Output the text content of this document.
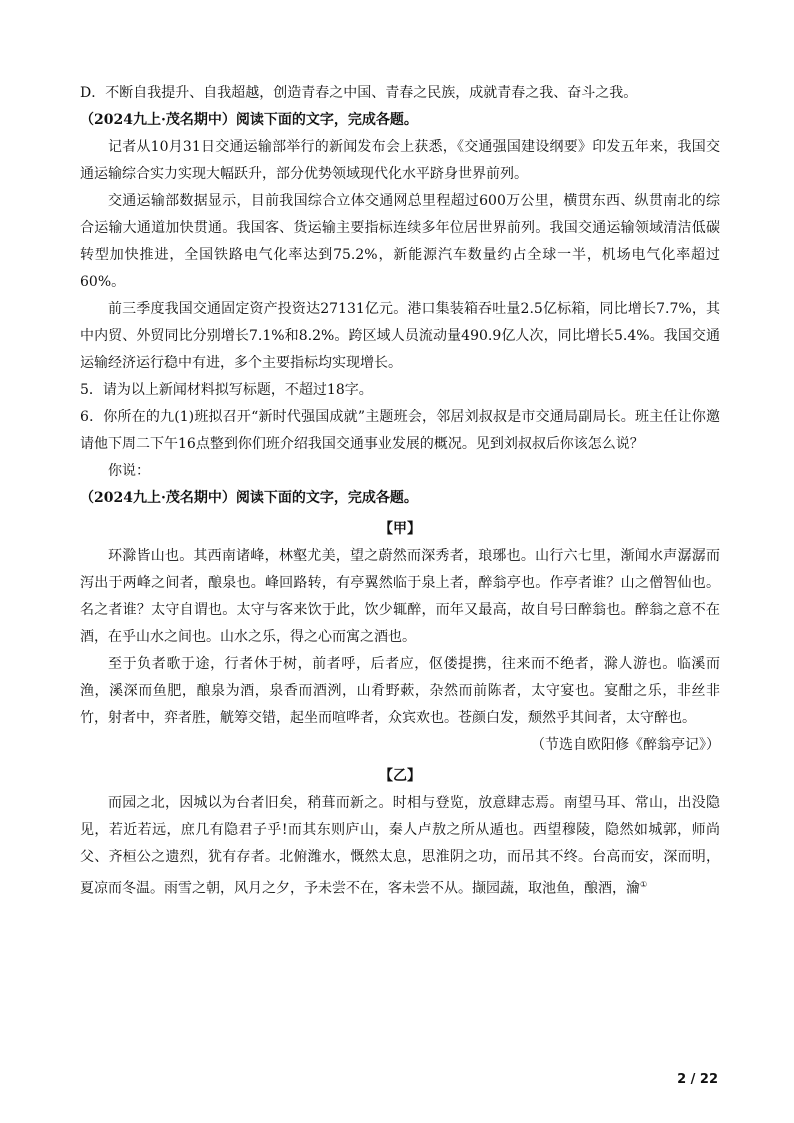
D．不断自我提升、自我超越，创造青春之中国、青春之民族，成就青春之我、奋斗之我。

（2024九上·茂名期中）阅读下面的文字，完成各题。

记者从10月31日交通运输部举行的新闻发布会上获悉，《交通强国建设纲要》印发五年来，我国交通运输综合实力实现大幅跃升，部分优势领域现代化水平跻身世界前列。

交通运输部数据显示，目前我国综合立体交通网总里程超过600万公里，横贯东西、纵贯南北的综合运输大通道加快贯通。我国客、货运输主要指标连续多年位居世界前列。我国交通运输领域清洁低碳转型加快推进，全国铁路电气化率达到75.2%，新能源汽车数量约占全球一半，机场电气化率超过60%。

前三季度我国交通固定资产投资达27131亿元。港口集装箱吞吐量2.5亿标箱，同比增长7.7%，其中内贸、外贸同比分别增长7.1%和8.2%。跨区域人员流动量490.9亿人次，同比增长5.4%。我国交通运输经济运行稳中有进，多个主要指标均实现增长。

5．请为以上新闻材料拟写标题，不超过18字。

6．你所在的九(1)班拟召开“新时代强国成就”主题班会，邻居刘叔叔是市交通局副局长。班主任让你邀请他下周二下午16点整到你们班介绍我国交通事业发展的概况。见到刘叔叔后你该怎么说？

你说：

（2024九上·茂名期中）阅读下面的文字，完成各题。

【甲】

环滁皆山也。其西南诸峰，林壑尤美，望之蔚然而深秀者，琅琊也。山行六七里，渐闻水声潺潺而泻出于两峰之间者，酿泉也。峰回路转，有亭翼然临于泉上者，醉翁亭也。作亭者谁？山之僧智仙也。名之者谁？太守自谓也。太守与客来饮于此，饮少辄醉，而年又最高，故自号曰醉翁也。醉翁之意不在酒，在乎山水之间也。山水之乐，得之心而寓之酒也。

至于负者歌于途，行者休于树，前者呼，后者应，伛偻提携，往来而不绝者，滁人游也。临溪而渔，溪深而鱼肥，酿泉为酒，泉香而酒洌，山肴野蔌，杂然而前陈者，太守宴也。宴酣之乐，非丝非竹，射者中，弈者胜，觥筹交错，起坐而喧哗者，众宾欢也。苍颜白发，颓然乎其间者，太守醉也。

（节选自欧阳修《醉翁亭记》）

【乙】

而园之北，因城以为台者旧矣，稍葺而新之。时相与登览，放意肆志焉。南望马耳、常山，出没隐见，若近若远，庶几有隐君子乎!而其东则庐山，秦人卢敖之所从遁也。西望穆陵，隐然如城郭，师尚父、齐桓公之遗烈，犹有存者。北俯潍水，慨然太息，思淮阴之功，而吊其不终。台高而安，深而明，夏凉而冬温。雨雪之朝，风月之夕，予未尝不在，客未尝不从。撷园蔬，取池鱼，酿酒，瀹①

2 / 22
